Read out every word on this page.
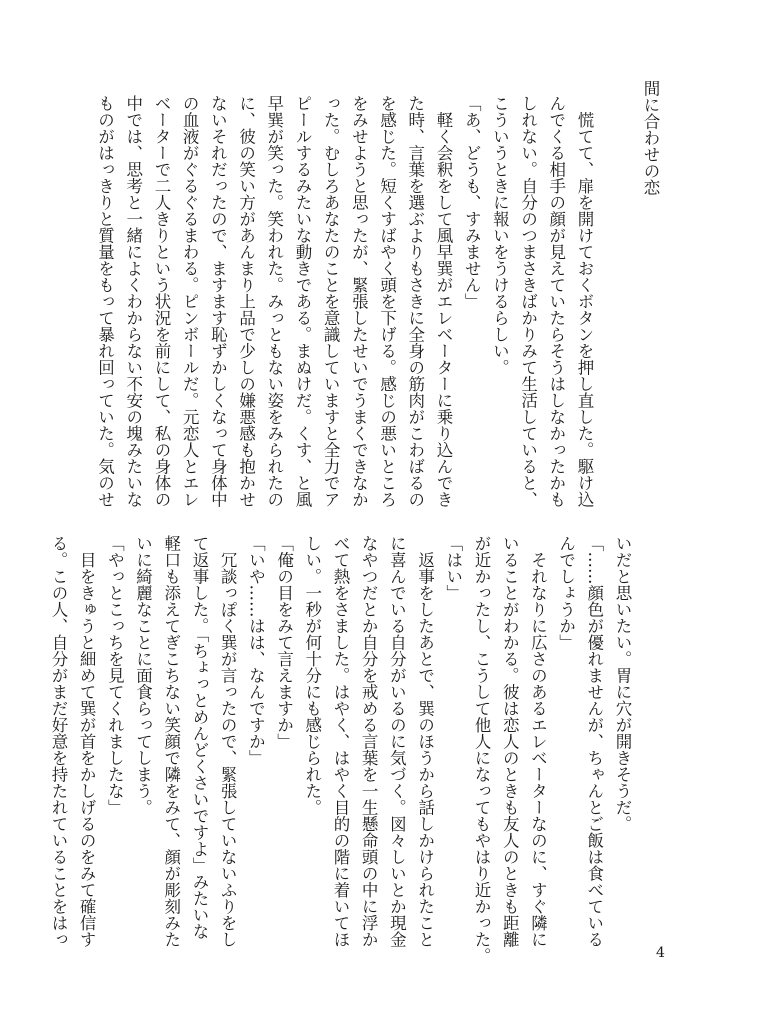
間に合わせの恋

　慌てて、扉を開けておくボタンを押し直した。駆け込

んでくる相手の顔が見えていたらそうはしなかったかも

しれない。自分のつまさきばかりみて生活していると、

こういうときに報いをうけるらしい。

「あ、どうも、すみません」

　軽く会釈をして風早巽がエレベーターに乗り込んでき

た時、言葉を選ぶよりもさきに全身の筋肉がこわばるの

を感じた。短くすばやく頭を下げる。感じの悪いところ

をみせようと思ったが、緊張したせいでうまくできなか

った。むしろあなたのことを意識していますと全力でア

ピールするみたいな動きである。まぬけだ。くす、と風

早巽が笑った。笑われた。みっともない姿をみられたの

に、彼の笑い方があんまり上品で少しの嫌悪感も抱かせ

ないそれだったので、ますます恥ずかしくなって身体中

の血液がぐるぐるまわる。ピンボールだ。元恋人とエレ

ベーターで二人きりという状況を前にして、私の身体の

中では、思考と一緒によくわからない不安の塊みたいな

ものがはっきりと質量をもって暴れ回っていた。気のせ

いだと思いたい。胃に穴が開きそうだ。

「……顔色が優れませんが、ちゃんとご飯は食べている

んでしょうか」

　それなりに広さのあるエレベーターなのに、すぐ隣に

いることがわかる。彼は恋人のときも友人のときも距離

が近かったし、こうして他人になってもやはり近かった。

「はい」

　返事をしたあとで、巽のほうから話しかけられたこと

に喜んでいる自分がいるのに気づく。図々しいとか現金

なやつだとか自分を戒める言葉を一生懸命頭の中に浮か

べて熱をさました。はやく、はやく目的の階に着いてほ

しい。一秒が何十分にも感じられた。

「俺の目をみて言えますか」

「いや……はは、なんですか」

　冗談っぽく巽が言ったので、緊張していないふりをし

て返事した。「ちょっとめんどくさいですよ」みたいな

軽口も添えてぎこちない笑顔で隣をみて、顔が彫刻みた

いに綺麗なことに面食らってしまう。

「やっとこっちを見てくれましたな」

　目をきゅうと細めて巽が首をかしげるのをみて確信す

る。この人、自分がまだ好意を持たれていることをはっ

4
